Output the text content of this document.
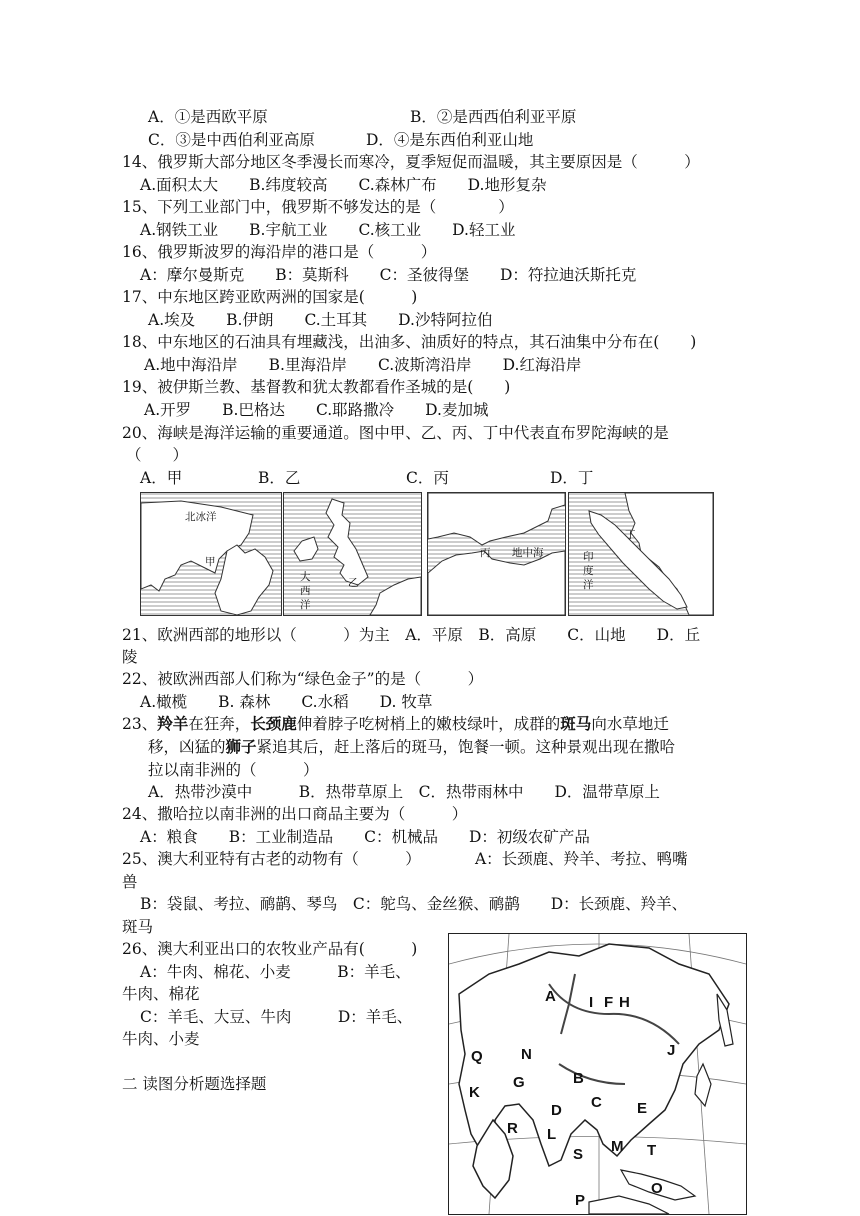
A．①是西欧平原	B．②是西西伯利亚平原
C．③是中西伯利亚高原	D．④是东西伯利亚山地
14、俄罗斯大部分地区冬季漫长而寒冷，夏季短促而温暖，其主要原因是（　　　）
A.面积太大　　B.纬度较高　　C.森林广布　　D.地形复杂
15、下列工业部门中，俄罗斯不够发达的是（　　　　）
A.钢铁工业　　B.宇航工业　　C.核工业　　D.轻工业
16、俄罗斯波罗的海沿岸的港口是（　　　）
A：摩尔曼斯克　　B：莫斯科　　C：圣彼得堡　　D：符拉迪沃斯托克
17、中东地区跨亚欧两洲的国家是(　　　)
A.埃及　　B.伊朗　　C.土耳其　　D.沙特阿拉伯
18、中东地区的石油具有埋藏浅，出油多、油质好的特点，其石油集中分布在(　　)
A.地中海沿岸　　B.里海沿岸　　C.波斯湾沿岸　　D.红海沿岸
19、被伊斯兰教、基督教和犹太教都看作圣城的是(　　)
A.开罗　　B.巴格达　　C.耶路撒冷　　D.麦加城
20、海峡是海洋运输的重要通道。图中甲、乙、丙、丁中代表直布罗陀海峡的是
（　　）
A．甲	B．乙	C．丙	D．丁
北冰洋
甲
大
西
洋
乙
丙 地中海	印
度
洋
丁
21、欧洲西部的地形以（　　　）为主　A．平原　B．高原　　C．山地　　D．丘
陵
22、被欧洲西部人们称为“绿色金子”的是（　　　）
A.橄榄　　B. 森林　　C.水稻　　D. 牧草
23、羚羊在狂奔，长颈鹿伸着脖子吃树梢上的嫩枝绿叶，成群的斑马向水草地迁
移，凶猛的狮子紧追其后，赶上落后的斑马，饱餐一顿。这种景观出现在撒哈
拉以南非洲的（　　　）
A．热带沙漠中　　　B．热带草原上　C．热带雨林中　　D．温带草原上
24、撒哈拉以南非洲的出口商品主要为（　　　）
A：粮食　　B：工业制造品　　C：机械品　　D：初级农矿产品
25、澳大利亚特有古老的动物有（　　　）　　　　A：长颈鹿、羚羊、考拉、鸭嘴
兽
B：袋鼠、考拉、鸸鹋、琴鸟　C：鸵鸟、金丝猴、鸸鹋　　D：长颈鹿、羚羊、
斑马
26、澳大利亚出口的农牧业产品有(　　　)
A：牛肉、棉花、小麦　　　B：羊毛、
牛肉、棉花
C：羊毛、大豆、牛肉　　　D：羊毛、
牛肉、小麦
二 读图分析题选择题
A I F H
J
Q	N
G	B
K
C
D	E
R L
M T
S
O
P
